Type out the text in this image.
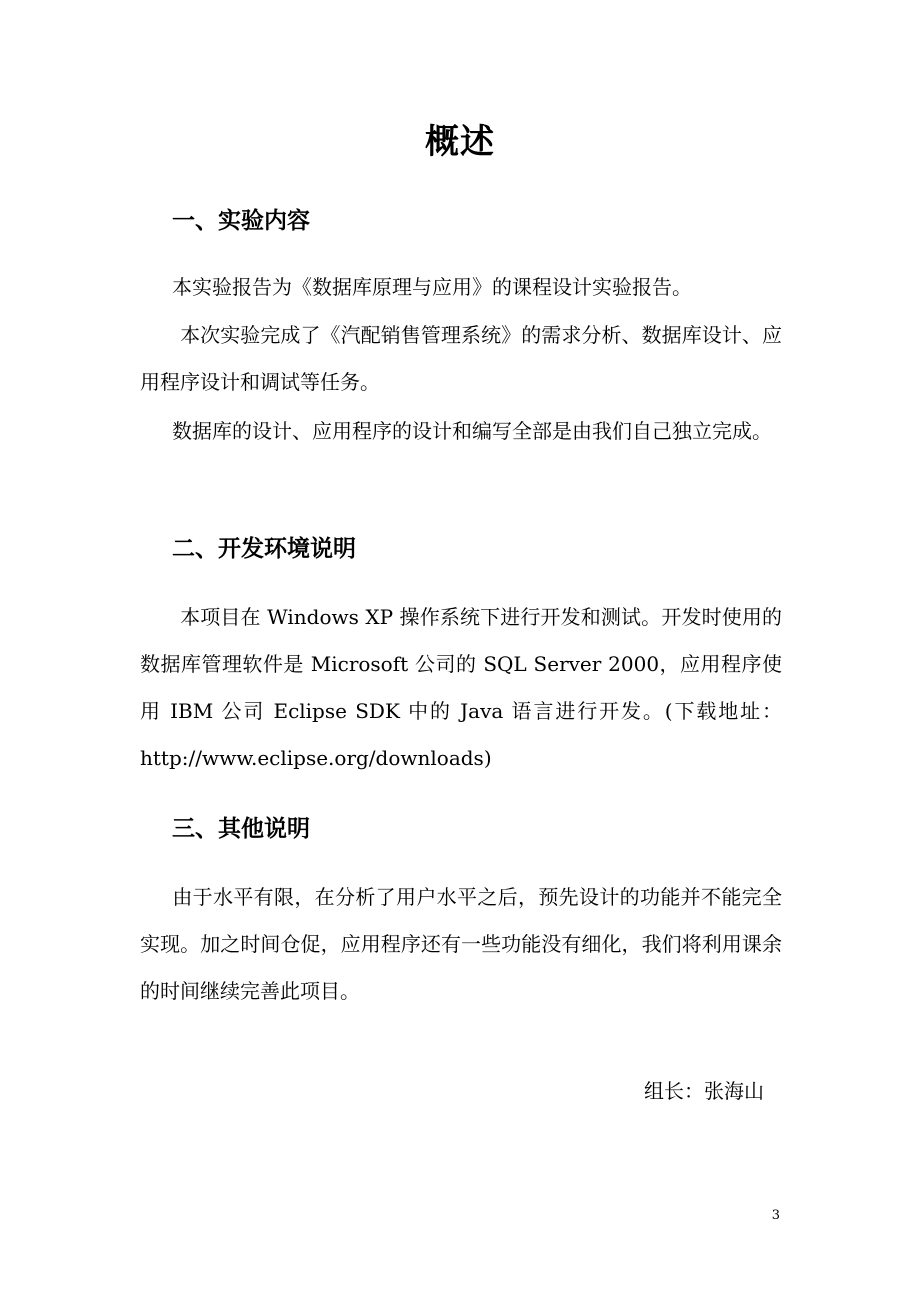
概述
一、实验内容
本实验报告为《数据库原理与应用》的课程设计实验报告。
本次实验完成了《汽配销售管理系统》的需求分析、数据库设计、应用程序设计和调试等任务。
数据库的设计、应用程序的设计和编写全部是由我们自己独立完成。
二、开发环境说明
本项目在 Windows XP 操作系统下进行开发和测试。开发时使用的数据库管理软件是 Microsoft 公司的 SQL Server 2000，应用程序使用 IBM 公司 Eclipse SDK 中的 Java 语言进行开发。(下载地址：http://www.eclipse.org/downloads)
三、其他说明
由于水平有限，在分析了用户水平之后，预先设计的功能并不能完全实现。加之时间仓促，应用程序还有一些功能没有细化，我们将利用课余的时间继续完善此项目。
组长：张海山
3
